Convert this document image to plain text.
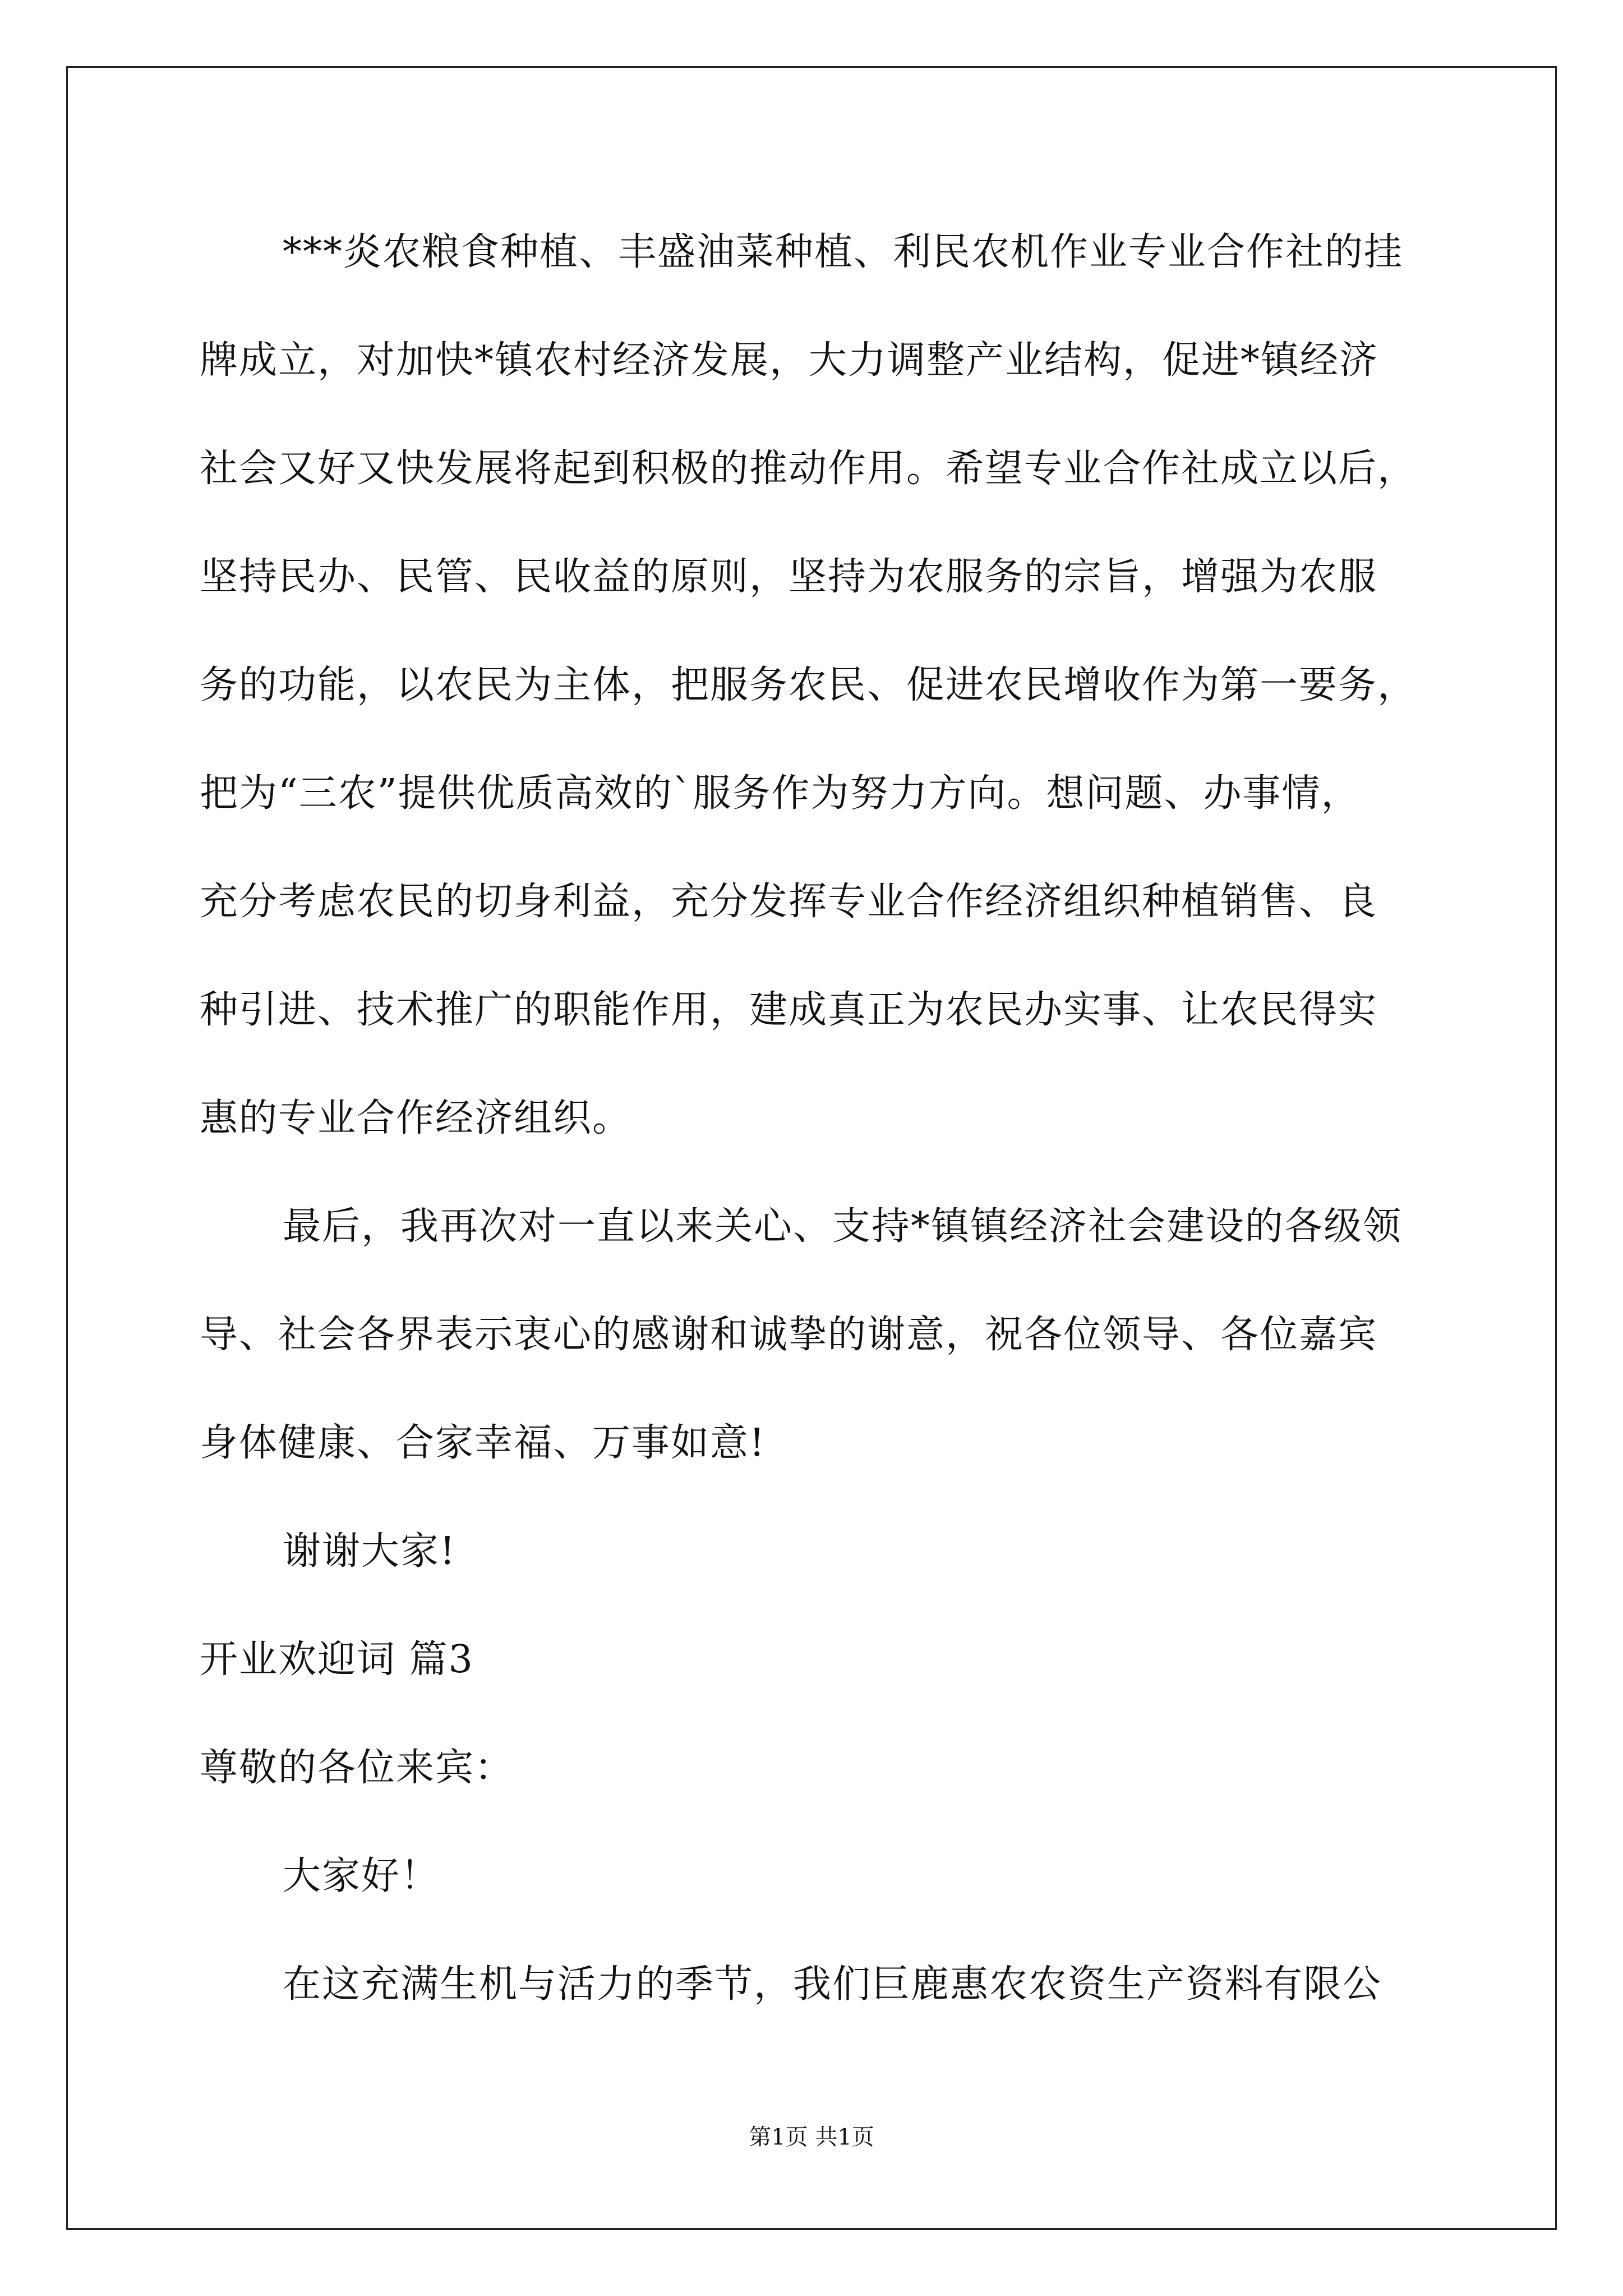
***炎农粮食种植、丰盛油菜种植、利民农机作业专业合作社的挂
牌成立，对加快*镇农村经济发展，大力调整产业结构，促进*镇经济
社会又好又快发展将起到积极的推动作用。希望专业合作社成立以后，
坚持民办、民管、民收益的原则，坚持为农服务的宗旨，增强为农服
务的功能，以农民为主体，把服务农民、促进农民增收作为第一要务，
把为“三农”提供优质高效的`服务作为努力方向。想问题、办事情，
充分考虑农民的切身利益，充分发挥专业合作经济组织种植销售、良
种引进、技术推广的职能作用，建成真正为农民办实事、让农民得实
惠的专业合作经济组织。
最后，我再次对一直以来关心、支持*镇镇经济社会建设的各级领
导、社会各界表示衷心的感谢和诚挚的谢意，祝各位领导、各位嘉宾
身体健康、合家幸福、万事如意!
谢谢大家!
开业欢迎词 篇3
尊敬的各位来宾：
大家好！
在这充满生机与活力的季节，我们巨鹿惠农农资生产资料有限公
第1页 共1页
